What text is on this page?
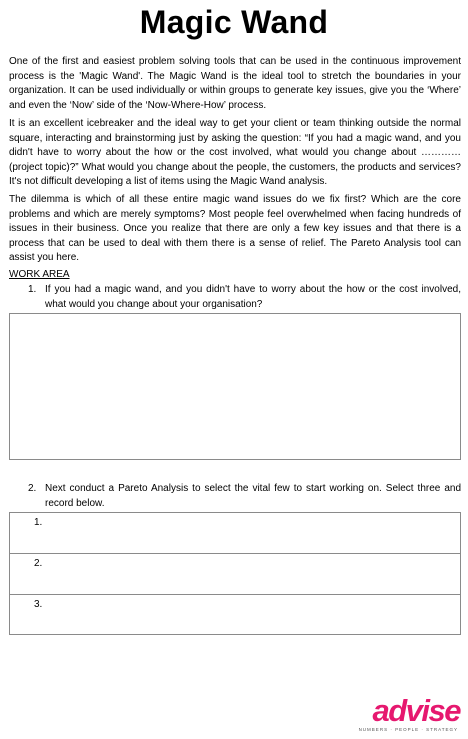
Magic Wand

One of the first and easiest problem solving tools that can be used in the continuous improvement process is the 'Magic Wand'. The Magic Wand is the ideal tool to stretch the boundaries in your organization. It can be used individually or within groups to generate key issues, give you the ‘Where’ and even the ‘Now’ side of the ‘Now-Where-How’ process.

It is an excellent icebreaker and the ideal way to get your client or team thinking outside the normal square, interacting and brainstorming just by asking the question: “If you had a magic wand, and you didn't have to worry about the how or the cost involved, what would you change about …………(project topic)?” What would you change about the people, the customers, the products and services? It's not difficult developing a list of items using the Magic Wand analysis.

The dilemma is which of all these entire magic wand issues do we fix first? Which are the core problems and which are merely symptoms? Most people feel overwhelmed when facing hundreds of issues in their business. Once you realize that there are only a few key issues and that there is a process that can be used to deal with them there is a sense of relief. The Pareto Analysis tool can assist you here.

WORK AREA
1. If you had a magic wand, and you didn't have to worry about the how or the cost involved, what would you change about your organisation?

2. Next conduct a Pareto Analysis to select the vital few to start working on. Select three and record below.

1.
2.
3.
advise
NUMBERS · PEOPLE · STRATEGY
